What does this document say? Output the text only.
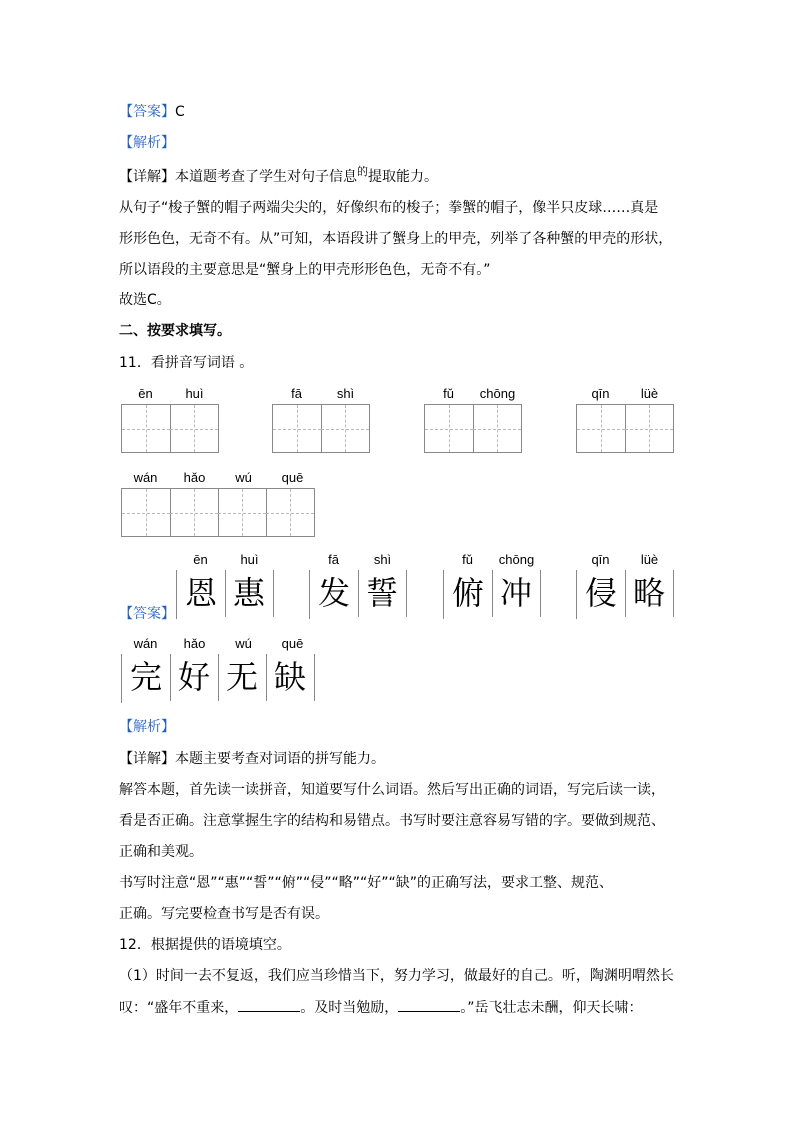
【答案】C
【解析】
【详解】本道题考查了学生对句子信息$^的$提取能力。
从句子“梭子蟹的帽子两端尖尖的，好像织布的梭子；拳蟹的帽子，像半只皮球……真是
形形色色，无奇不有。从”可知，本语段讲了蟹身上的甲壳，列举了各种蟹的甲壳的形状，
所以语段的主要意思是“蟹身上的甲壳形形色色，无奇不有。”
故选C。
二、按要求填写。
11．看拼音写词语 。
ēn	huì	fā	shì	fǔ	chōng	qīn	lüè
wán	hǎo	wú	quē
【答案】
ēn	huì
恩 惠
fā	shì
发 誓
fǔ	chōng
俯 冲
qīn	lüè
侵 略
wán	hǎo	wú	quē
完 好 无 缺
【解析】
【详解】本题主要考查对词语的拼写能力。
解答本题，首先读一读拼音，知道要写什么词语。然后写出正确的词语，写完后读一读，
看是否正确。注意掌握生字的结构和易错点。书写时要注意容易写错的字。要做到规范、
正确和美观。
书写时注意“恩”“惠”“誓”“俯”“侵”“略”“好”“缺”的正确写法，要求工整、规范、
正确。写完要检查书写是否有误。
12．根据提供的语境填空。
（1）时间一去不复返，我们应当珍惜当下，努力学习，做最好的自己。听，陶渊明喟然长
叹：“盛年不重来，	。及时当勉励，	。”岳飞壮志未酬，仰天长啸：
